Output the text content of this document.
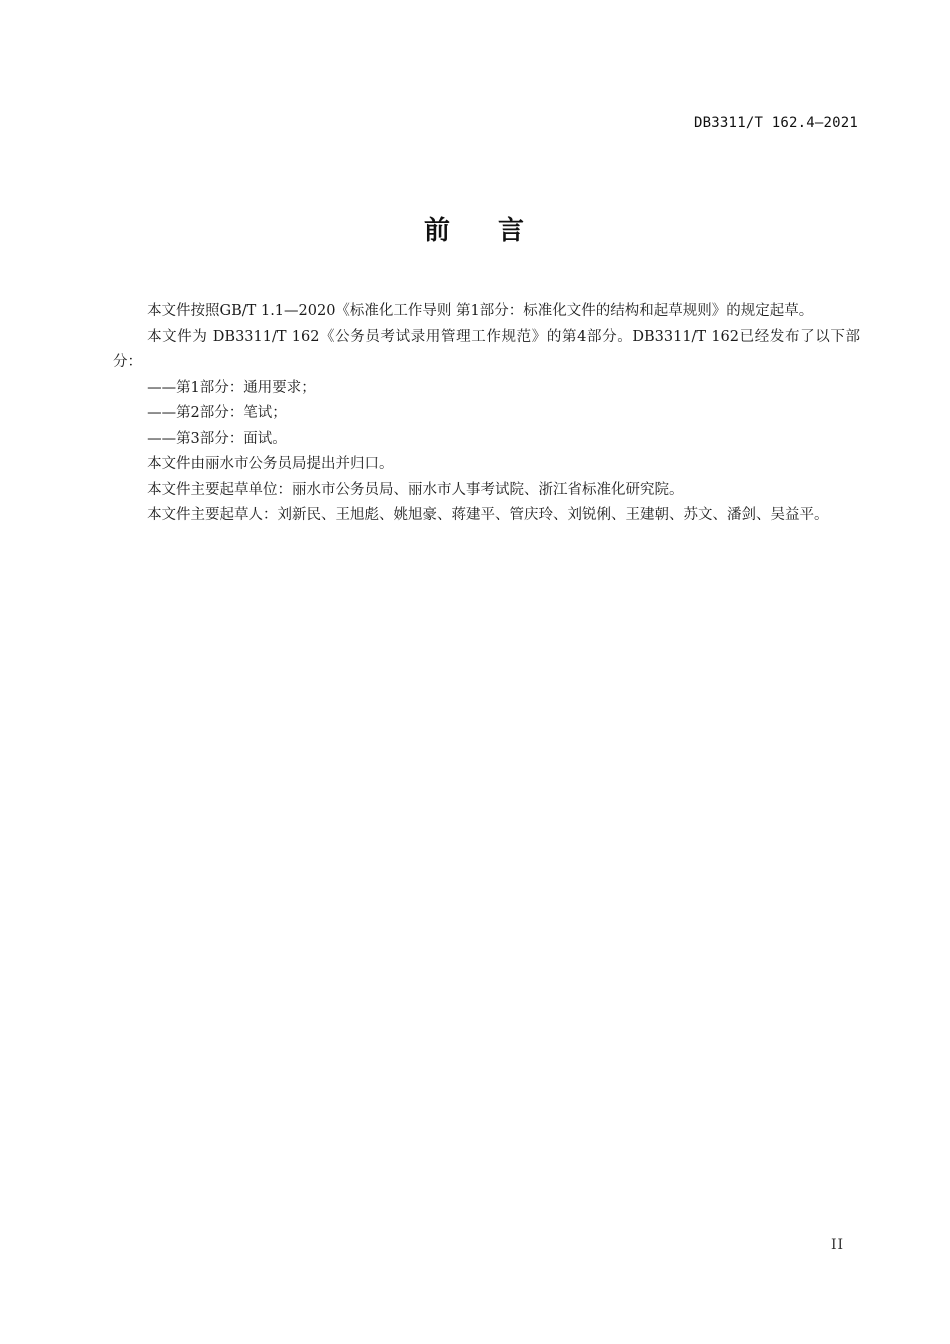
DB3311/T 162.4—2021
前 言

本文件按照GB/T 1.1—2020《标准化工作导则 第1部分：标准化文件的结构和起草规则》的规定起草。

本文件为 DB3311/T 162《公务员考试录用管理工作规范》的第4部分。DB3311/T 162已经发布了以下部分：

——第1部分：通用要求；

——第2部分：笔试；

——第3部分：面试。

本文件由丽水市公务员局提出并归口。

本文件主要起草单位：丽水市公务员局、丽水市人事考试院、浙江省标准化研究院。

本文件主要起草人：刘新民、王旭彪、姚旭豪、蒋建平、管庆玲、刘锐俐、王建朝、苏文、潘剑、吴益平。

II
